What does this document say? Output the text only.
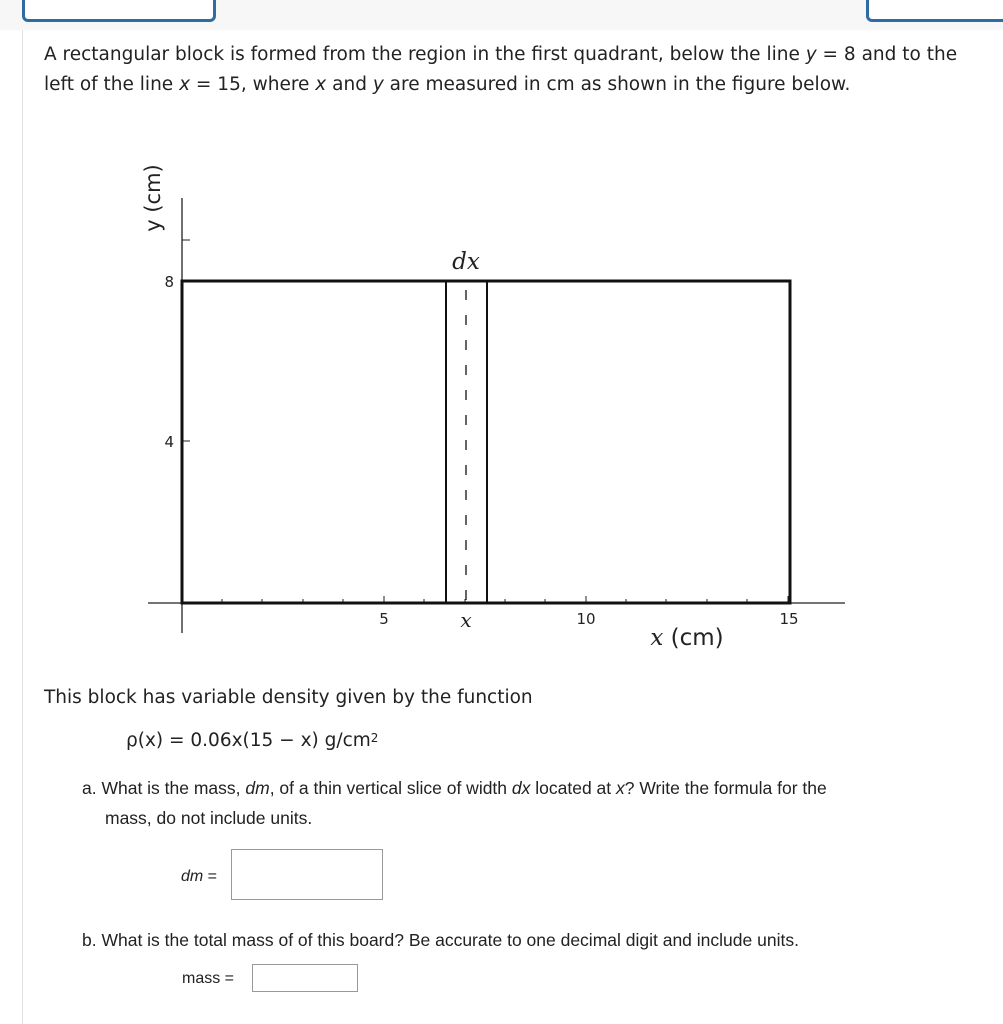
A rectangular block is formed from the region in the first quadrant, below the line y = 8 and to the left of the line x = 15, where x and y are measured in cm as shown in the figure below.
5	10	15
8
4
dx
x
x (cm)
y (cm)
This block has variable density given by the function
ρ(x) = 0.06x(15 − x) $g/cm^2$
a. What is the mass, dm, of a thin vertical slice of width dx located at x? Write the formula for the
mass, do not include units.
dm =
b. What is the total mass of of this board? Be accurate to one decimal digit and include units.
mass =
